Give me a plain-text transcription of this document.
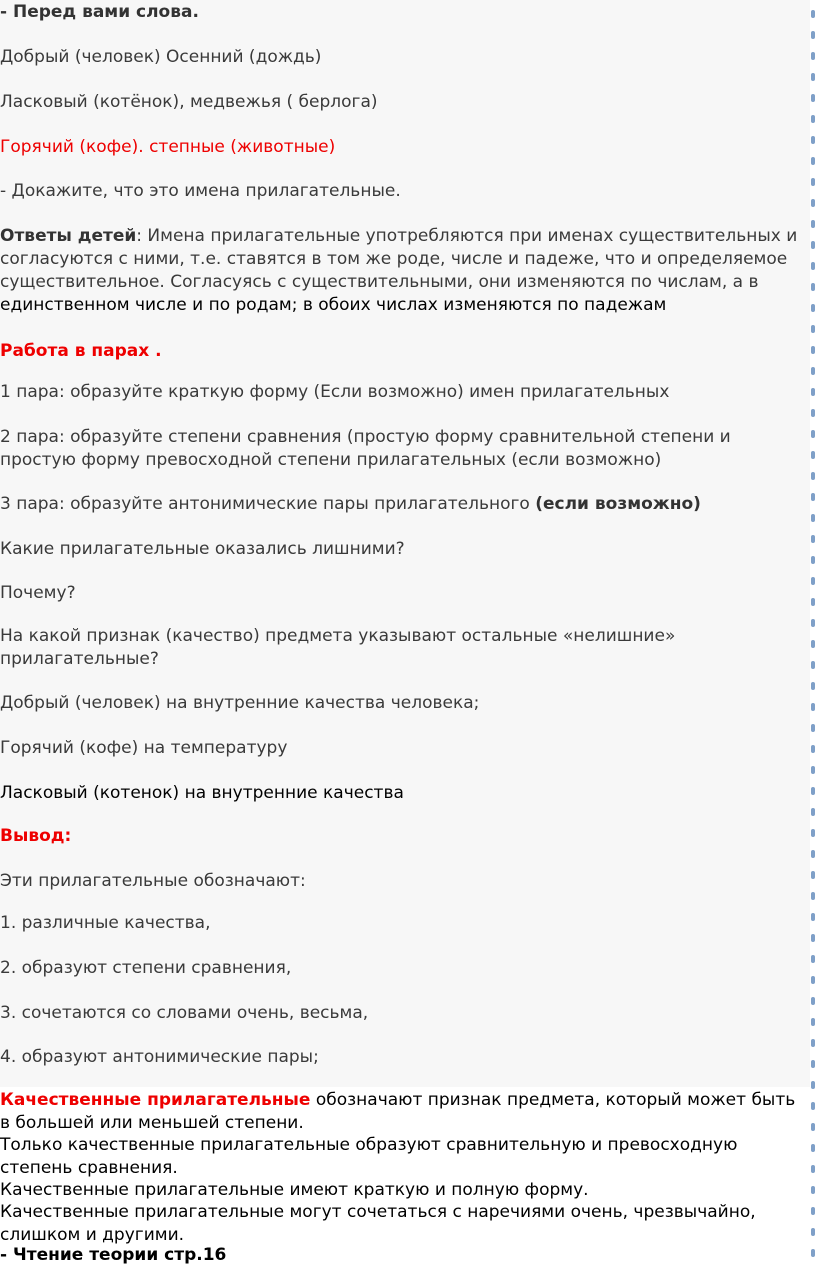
- Перед вами слова.

Добрый (человек) Осенний (дождь)

Ласковый (котёнок), медвежья ( берлога)

Горячий (кофе). степные (животные)

- Докажите, что это имена прилагательные.

Ответы детей: Имена прилагательные употребляются при именах существительных и согласуются с ними, т.е. ставятся в том же роде, числе и падеже, что и определяемое существительное. Согласуясь с существительными, они изменяются по числам, а в единственном числе и по родам; в обоих числах изменяются по падежам

Работа в парах .

1 пара: образуйте краткую форму (Если возможно) имен прилагательных

2 пара: образуйте степени сравнения (простую форму сравнительной степени и простую форму превосходной степени прилагательных (если возможно)

3 пара: образуйте антонимические пары прилагательного (если возможно)

Какие прилагательные оказались лишними?

Почему?

На какой признак (качество) предмета указывают остальные «нелишние» прилагательные?

Добрый (человек) на внутренние качества человека;

Горячий (кофе) на температуру

Ласковый (котенок) на внутренние качества

Вывод:

Эти прилагательные обозначают:

1. различные качества,

2. образуют степени сравнения,

3. сочетаются со словами очень, весьма,

4. образуют антонимические пары;

Качественные прилагательные обозначают признак предмета, который может быть в большей или меньшей степени.

Только качественные прилагательные образуют сравнительную и превосходную степень сравнения.

Качественные прилагательные имеют краткую и полную форму.

Качественные прилагательные могут сочетаться с наречиями очень, чрезвычайно, слишком и другими.

- Чтение теории стр.16
